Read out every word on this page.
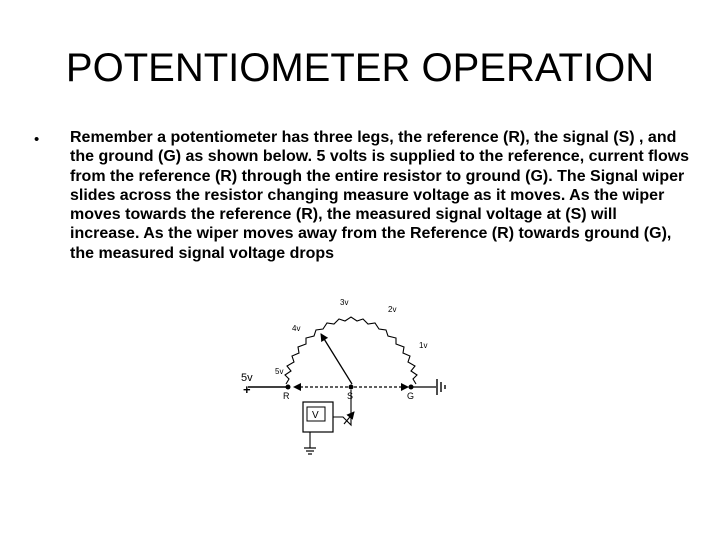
POTENTIOMETER OPERATION
• Remember a potentiometer has three legs, the reference (R), the signal (S) , and the ground (G) as shown below. 5 volts is supplied to the reference, current flows from the reference (R) through the entire resistor to ground (G). The Signal wiper slides across the resistor changing measure voltage as it moves. As the wiper moves towards the reference (R), the measured signal voltage at (S) will increase. As the wiper moves away from the Reference (R) towards ground (G), the measured signal voltage drops

5v
+	R	S
5v
4v
3v
2v
1v
G
V
